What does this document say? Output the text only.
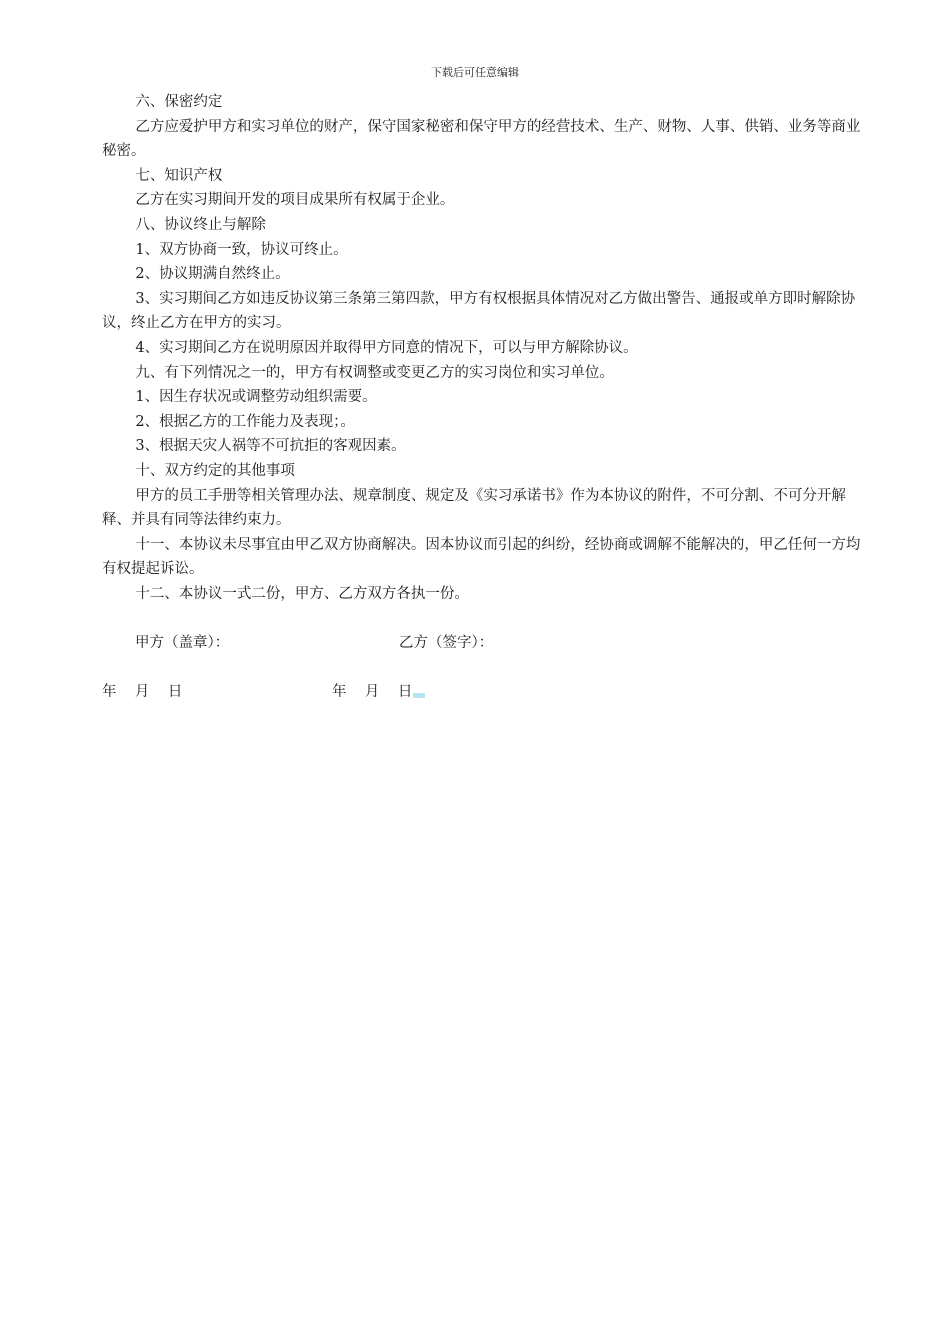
下载后可任意编辑

六、保密约定

乙方应爱护甲方和实习单位的财产，保守国家秘密和保守甲方的经营技术、生产、财物、人事、供销、业务等商业秘密。

七、知识产权

乙方在实习期间开发的项目成果所有权属于企业。

八、协议终止与解除

1、双方协商一致，协议可终止。

2、协议期满自然终止。

3、实习期间乙方如违反协议第三条第三第四款，甲方有权根据具体情况对乙方做出警告、通报或单方即时解除协议，终止乙方在甲方的实习。

4、实习期间乙方在说明原因并取得甲方同意的情况下，可以与甲方解除协议。

九、有下列情况之一的，甲方有权调整或变更乙方的实习岗位和实习单位。

1、因生存状况或调整劳动组织需要。

2、根据乙方的工作能力及表现；。

3、根据天灾人祸等不可抗拒的客观因素。

十、双方约定的其他事项

甲方的员工手册等相关管理办法、规章制度、规定及《实习承诺书》作为本协议的附件，不可分割、不可分开解释、并具有同等法律约束力。

十一、本协议未尽事宜由甲乙双方协商解决。因本协议而引起的纠纷，经协商或调解不能解决的，甲乙任何一方均有权提起诉讼。

十二、本协议一式二份，甲方、乙方双方各执一份。

甲方（盖章）：	乙方（签字）：
年    月    日	年    月    日
